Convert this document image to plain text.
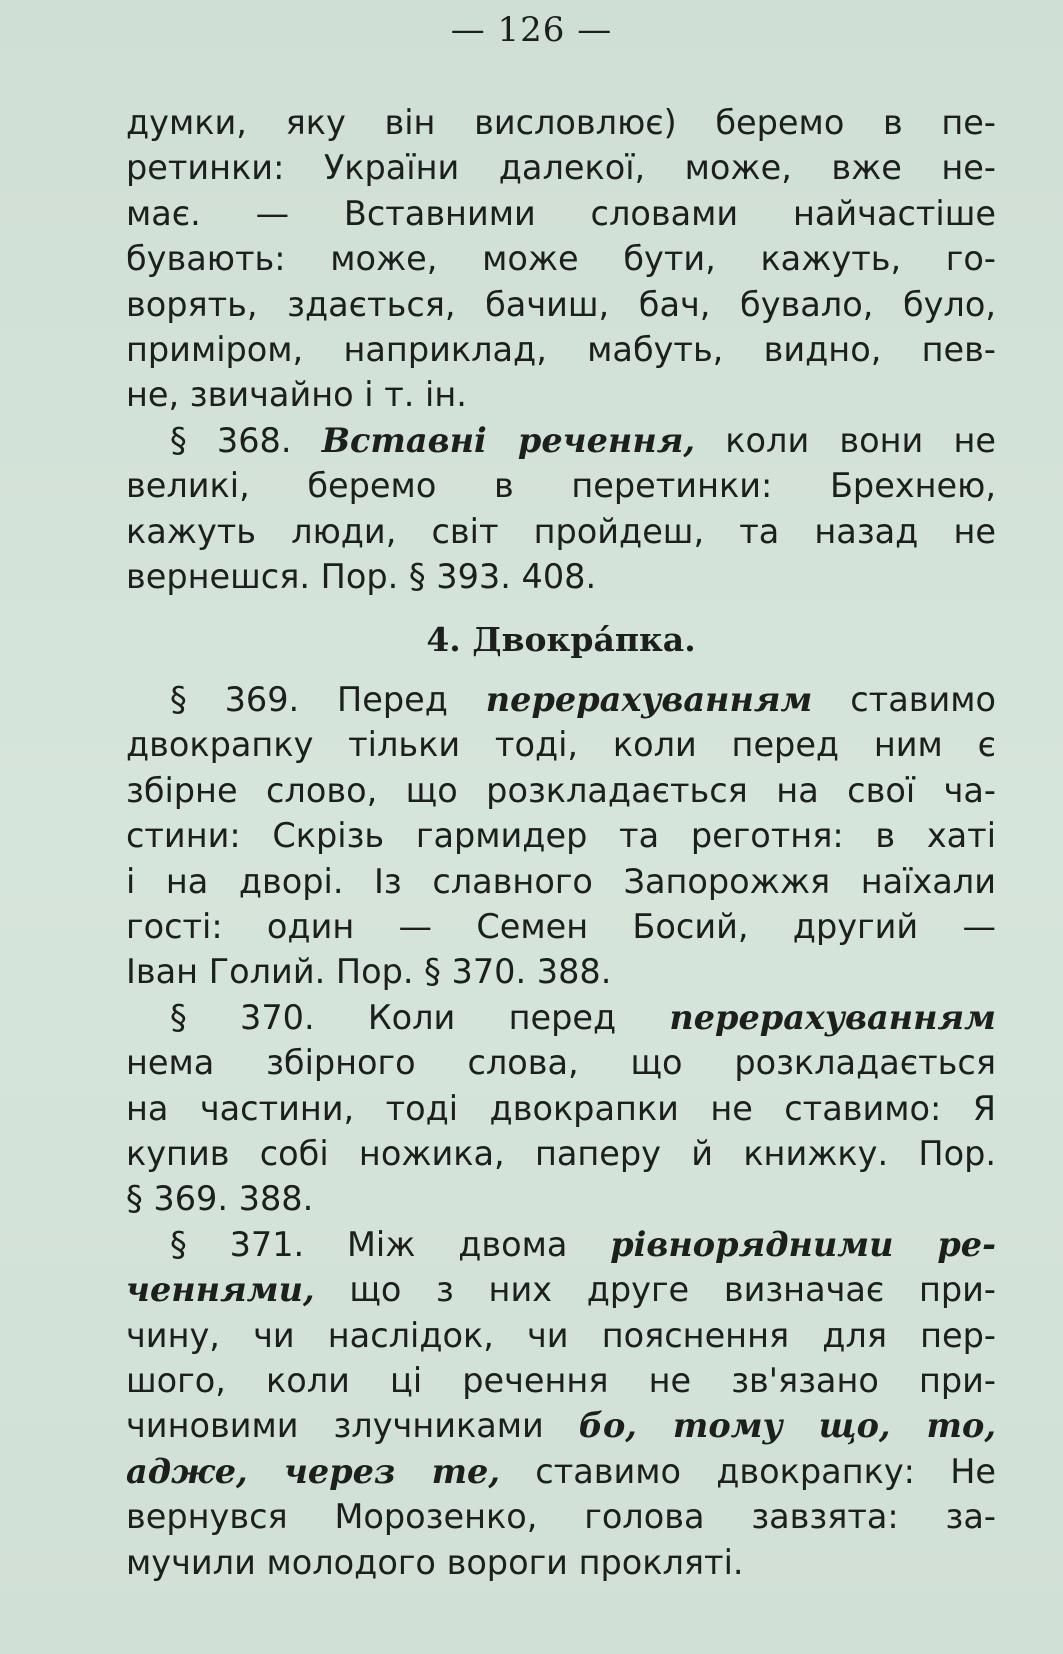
— 126 —
думки, яку він висловлює) беремо в пе-
ретинки: України далекої, може, вже не-
має. — Вставними словами найчастіше
бувають: може, може бути, кажуть, го-
ворять, здається, бачиш, бач, бувало, було,
приміром, наприклад, мабуть, видно, пев-
не, звичайно і т. ін.
§ 368. Вставні речення, коли вони не
великі, беремо в перетинки: Брехнею,
кажуть люди, світ пройдеш, та назад не
вернешся. Пор. § 393. 408.
4. Двокра́пка.
§ 369. Перед перерахуванням ставимо
двокрапку тільки тоді, коли перед ним є
збірне слово, що розкладається на свої ча-
стини: Скрізь гармидер та реготня: в хаті
і на дворі. Із славного Запорожжя наїхали
гості: один — Семен Босий, другий —
Іван Голий. Пор. § 370. 388.
§ 370. Коли перед перерахуванням
нема збірного слова, що розкладається
на частини, тоді двокрапки не ставимо: Я
купив собі ножика, паперу й книжку. Пор.
§ 369. 388.
§ 371. Між двома рівнорядними ре-
ченнями, що з них друге визначає при-
чину, чи наслідок, чи пояснення для пер-
шого, коли ці речення не зв'язано при-
чиновими злучниками бо, тому що, то,
адже, через те, ставимо двокрапку: Не
вернувся Морозенко, голова завзята: за-
мучили молодого вороги прокляті.
